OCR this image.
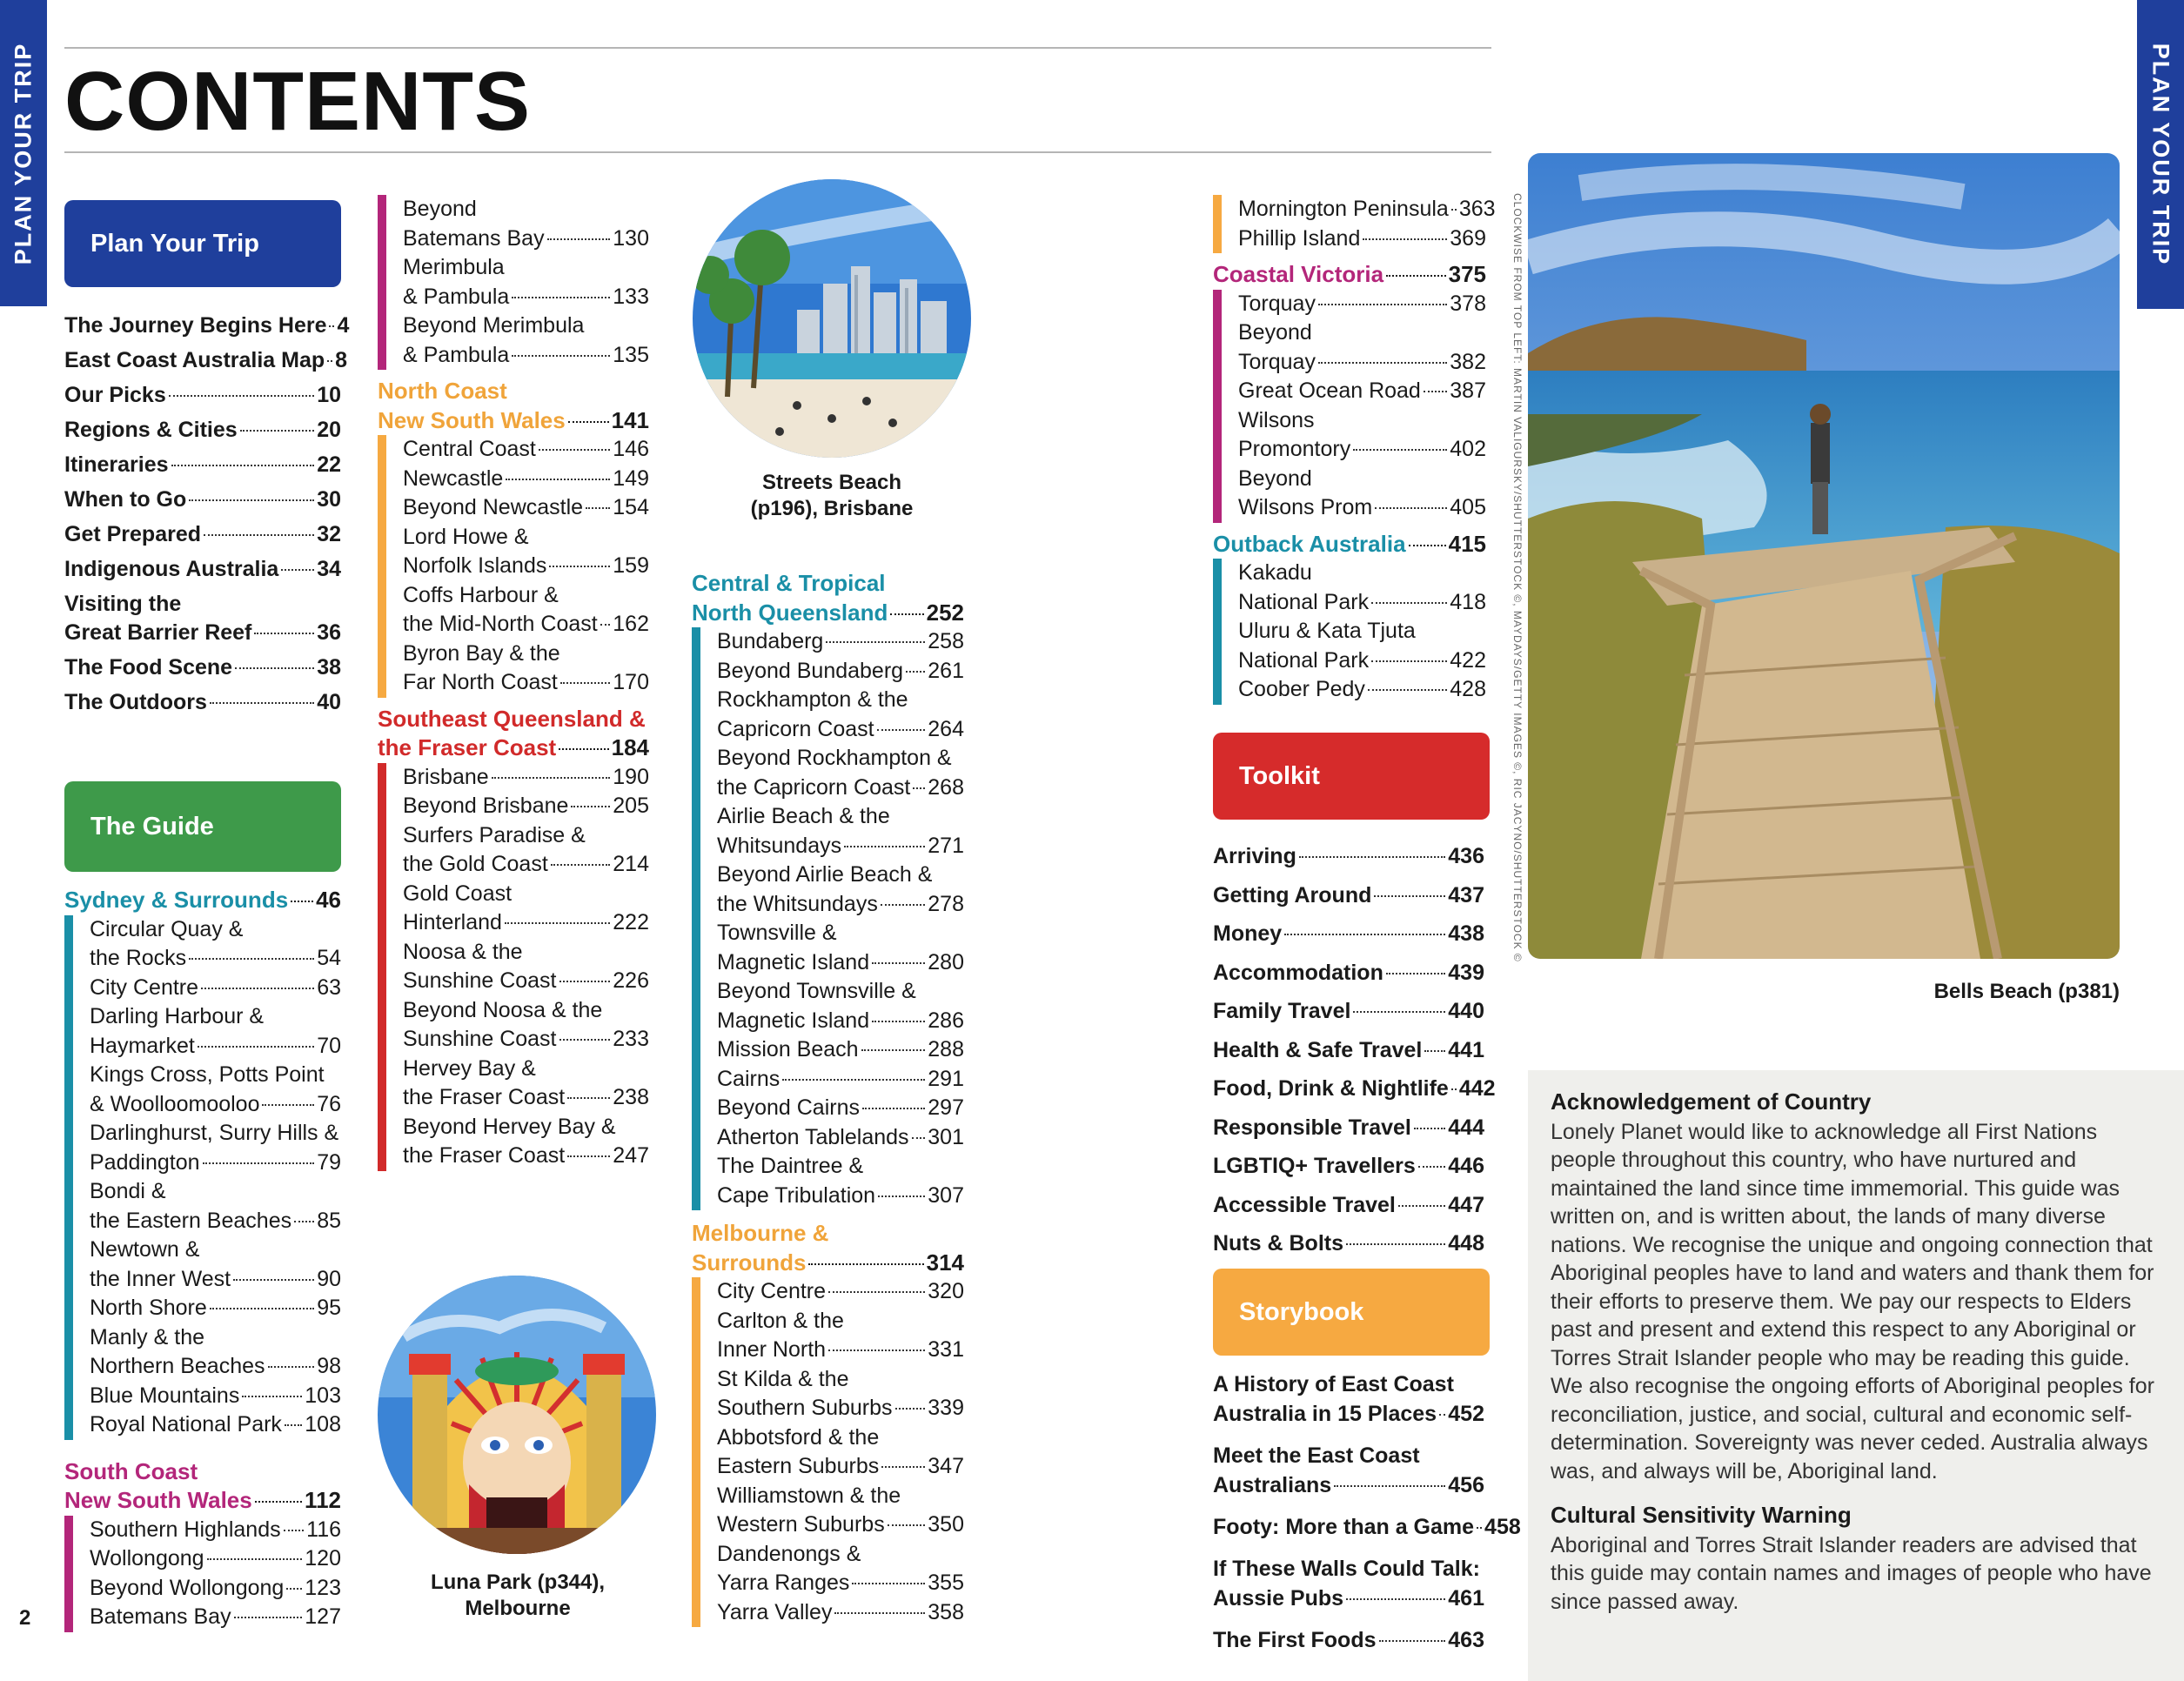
PLAN YOUR TRIP	PLAN YOUR TRIP
CONTENTS
Plan Your Trip
The Journey Begins Here 4
East Coast Australia Map 8
Our Picks	10
Regions & Cities	20
Itineraries	22
When to Go	30
Get Prepared	32
Indigenous Australia 34
Visiting the
Great Barrier Reef	36
The Food Scene	38
The Outdoors	40
The Guide
Sydney & Surrounds 46
Circular Quay &
the Rocks	54
City Centre	63
Darling Harbour &
Haymarket	70
Kings Cross, Potts Point
& Woolloomooloo	76
Darlinghurst, Surry Hills &
Paddington	79
Bondi &
the Eastern Beaches 85
Newtown &
the Inner West	90
North Shore	95
Manly & the
Northern Beaches 98
Blue Mountains	103
Royal National Park 108
South Coast
New South Wales 112
Southern Highlands 116
Wollongong	120
Beyond Wollongong 123
Batemans Bay	127
2
Beyond
Batemans Bay	130
Merimbula
& Pambula	133
Beyond Merimbula
& Pambula	135
North Coast
New South Wales 141
Central Coast	146
Newcastle	149
Beyond Newcastle 154
Lord Howe &
Norfolk Islands	159
Coffs Harbour &
the Mid-North Coast 162
Byron Bay & the
Far North Coast	170
Southeast Queensland &
the Fraser Coast 184
Brisbane	190
Beyond Brisbane 205
Surfers Paradise &
the Gold Coast	214
Gold Coast
Hinterland	222
Noosa & the
Sunshine Coast	226
Beyond Noosa & the
Sunshine Coast	233
Hervey Bay &
the Fraser Coast 238
Beyond Hervey Bay &
the Fraser Coast 247
Luna Park (p344),
Melbourne
Streets Beach
(p196), Brisbane
Central & Tropical
North Queensland 252
Bundaberg	258
Beyond Bundaberg 261
Rockhampton & the
Capricorn Coast 264
Beyond Rockhampton &
the Capricorn Coast 268
Airlie Beach & the
Whitsundays	271
Beyond Airlie Beach &
the Whitsundays 278
Townsville &
Magnetic Island	280
Beyond Townsville &
Magnetic Island	286
Mission Beach	288
Cairns	291
Beyond Cairns	297
Atherton Tablelands 301
The Daintree &
Cape Tribulation 307
Melbourne &
Surrounds	314
City Centre	320
Carlton & the
Inner North	331
St Kilda & the
Southern Suburbs 339
Abbotsford & the
Eastern Suburbs 347
Williamstown & the
Western Suburbs 350
Dandenongs &
Yarra Ranges	355
Yarra Valley	358
Mornington Peninsula 363
Phillip Island	369
Coastal Victoria	375
Torquay	378
Beyond
Torquay	382
Great Ocean Road 387
Wilsons
Promontory	402
Beyond
Wilsons Prom	405
Outback Australia 415
Kakadu
National Park	418
Uluru & Kata Tjuta
National Park	422
Coober Pedy	428
Toolkit
Arriving	436
Getting Around	437
Money	438
Accommodation	439
Family Travel	440
Health & Safe Travel 441
Food, Drink & Nightlife 442
Responsible Travel 444
LGBTIQ+ Travellers 446
Accessible Travel 447
Nuts & Bolts	448
Storybook
A History of East Coast
Australia in 15 Places 452
Meet the East Coast
Australians	456
Footy: More than a Game 458
If These Walls Could Talk:
Aussie Pubs	461
The First Foods	463
CLOCKWISE FROM TOP LEFT: MARTIN VALIGURSKY/SHUTTERSTOCK ©, MAYDAYS/GETTY IMAGES ©, RIC JACYNO/SHUTTERSTOCK ©
Bells Beach (p381)
Acknowledgement of Country

Lonely Planet would like to acknowledge all First Nations people throughout this country, who have nurtured and maintained the land since time immemorial. This guide was written on, and is written about, the lands of many diverse nations. We recognise the unique and ongoing connection that Aboriginal peoples have to land and waters and thank them for their efforts to preserve them. We pay our respects to Elders past and present and extend this respect to any Aboriginal or Torres Strait Islander people who may be reading this guide. We also recognise the ongoing efforts of Aboriginal peoples for reconciliation, justice, and social, cultural and economic self-determination. Sovereignty was never ceded. Australia always was, and always will be, Aboriginal land.

Cultural Sensitivity Warning

Aboriginal and Torres Strait Islander readers are advised that this guide may contain names and images of people who have since passed away.
